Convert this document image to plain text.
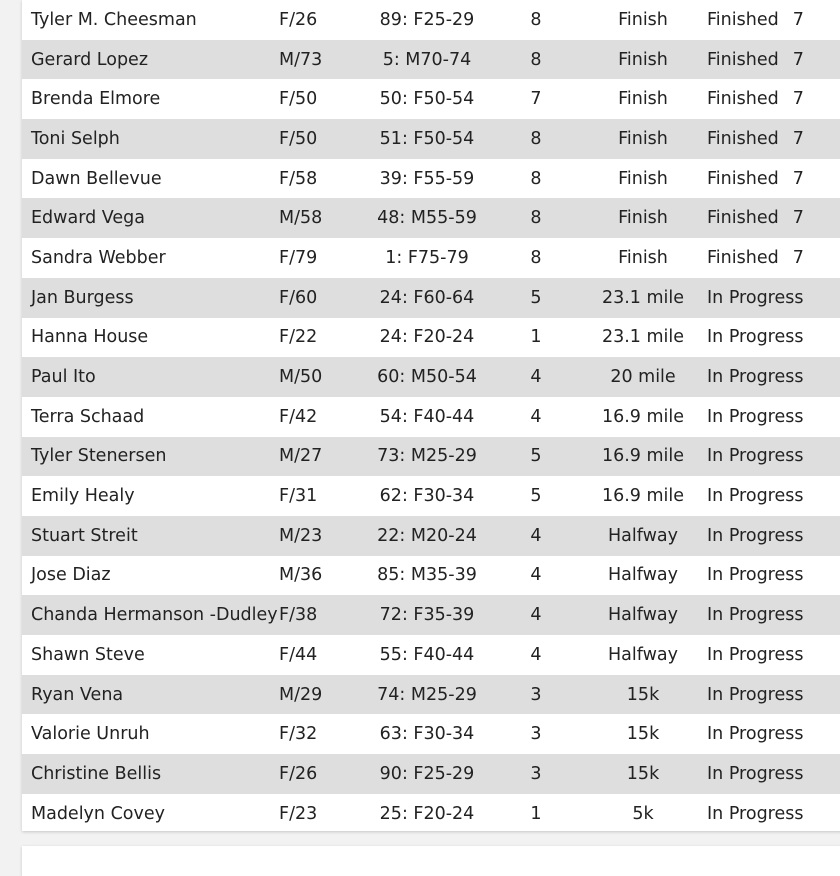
Tyler M. Cheesman	F/26	89: F25-29	8	Finish	Finished 7
Gerard Lopez	M/73	5: M70-74	8	Finish	Finished 7
Brenda Elmore	F/50	50: F50-54	7	Finish	Finished 7
Toni Selph	F/50	51: F50-54	8	Finish	Finished 7
Dawn Bellevue	F/58	39: F55-59	8	Finish	Finished 7
Edward Vega	M/58	48: M55-59	8	Finish	Finished 7
Sandra Webber	F/79	1: F75-79	8	Finish	Finished 7
Jan Burgess	F/60	24: F60-64	5	23.1 mile	In Progress
Hanna House	F/22	24: F20-24	1	23.1 mile	In Progress
Paul Ito	M/50	60: M50-54	4	20 mile	In Progress
Terra Schaad	F/42	54: F40-44	4	16.9 mile	In Progress
Tyler Stenersen	M/27	73: M25-29	5	16.9 mile	In Progress
Emily Healy	F/31	62: F30-34	5	16.9 mile	In Progress
Stuart Streit	M/23	22: M20-24	4	Halfway	In Progress
Jose Diaz	M/36	85: M35-39	4	Halfway	In Progress
Chanda Hermanson -Dudley	F/38	72: F35-39	4	Halfway	In Progress
Shawn Steve	F/44	55: F40-44	4	Halfway	In Progress
Ryan Vena	M/29	74: M25-29	3	15k	In Progress
Valorie Unruh	F/32	63: F30-34	3	15k	In Progress
Christine Bellis	F/26	90: F25-29	3	15k	In Progress
Madelyn Covey	F/23	25: F20-24	1	5k	In Progress
